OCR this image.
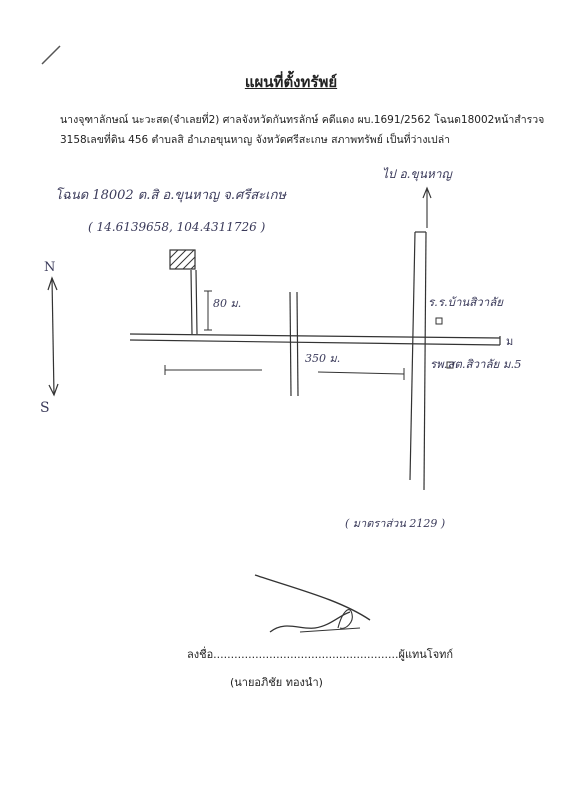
แผนที่ตั้งทรัพย์
นางจุฑาลักษณ์ นะวะสด(จำเลยที่2) ศาลจังหวัดกันทรลักษ์ คดีแดง ผบ.1691/2562 โฉนด18002หน้าสำรวจ
3158เลขที่ดิน 456 ตำบลสิ อำเภอขุนหาญ จังหวัดศรีสะเกษ สภาพทรัพย์ เป็นที่ว่างเปล่า
โฉนด 18002 ต.สิ อ.ขุนหาญ จ.ศรีสะเกษ
( 14.6139658, 104.4311726 )
N
S
ไป อ.ขุนหาญ
80 ม.
350 ม.
ร.ร.บ้านสิวาลัย
รพ.สต.สิวาลัย ม.5
ม
( มาตราส่วน 2129 )
ลงชื่อ.....................................................ผู้แทนโจทก์
(นายอภิชัย ทองนำ)
